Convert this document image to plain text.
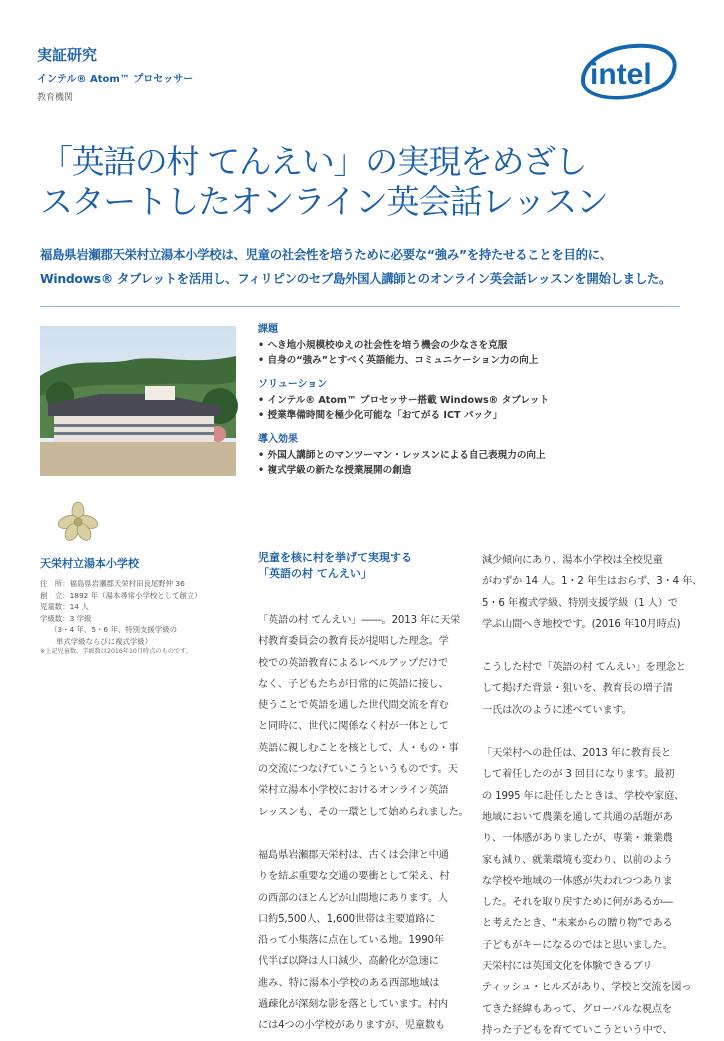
実証研究
インテル® Atom™ プロセッサー
教育機関
intel
「英語の村 てんえい」の実現をめざし
スタートしたオンライン英会話レッスン
福島県岩瀬郡天栄村立湯本小学校は、児童の社会性を培うために必要な“強み”を持たせることを目的に、
Windows® タブレットを活用し、フィリピンのセブ島外国人講師とのオンライン英会話レッスンを開始しました。
課題
• へき地小規模校ゆえの社会性を培う機会の少なさを克服
• 自身の“強み”とすべく英語能力、コミュニケーション力の向上
ソリューション
• インテル® Atom™ プロセッサー搭載 Windows® タブレット
• 授業準備時間を極少化可能な「おてがる ICT パック」
導入効果
• 外国人講師とのマンツーマン・レッスンによる自己表現力の向上
• 複式学級の新たな授業展開の創造
天栄村立湯本小学校
住　所：福島県岩瀬郡天栄村田良尾野仲 36
創　立：1892 年（湯本尋常小学校として創立）
児童数：14 人
学級数：3 学級
（3・4 年、5・6 年、特別支援学級の
単式学級ならびに複式学級）
※上記児童数、学級数は2016年10月時点のものです。
児童を核に村を挙げて実現する
「英語の村 てんえい」
「英語の村 てんえい」――。2013 年に天栄
村教育委員会の教育長が提唱した理念。学
校での英語教育によるレベルアップだけで
なく、子どもたちが日常的に英語に接し、
使うことで英語を通した世代間交流を育む
と同時に、世代に関係なく村が一体として
英語に親しむことを核として、人・もの・事
の交流につなげていこうというものです。天
栄村立湯本小学校におけるオンライン英語
レッスンも、その一環として始められました。
福島県岩瀬郡天栄村は、古くは会津と中通
りを結ぶ重要な交通の要衝として栄え、村
の西部のほとんどが山間地にあります。人
口約5,500人、1,600世帯は主要道路に
沿って小集落に点在している地。1990年
代半ば以降は人口減少、高齢化が急速に
進み、特に湯本小学校のある西部地域は
過疎化が深刻な影を落としています。村内
には4つの小学校がありますが、児童数も
減少傾向にあり、湯本小学校は全校児童
がわずか 14 人。1・2 年生はおらず、3・4 年、
5・6 年複式学級、特別支援学級（1 人）で
学ぶ山間へき地校です。(2016 年10月時点)
こうした村で「英語の村 てんえい」を理念と
して掲げた背景・狙いを、教育長の増子清
一氏は次のように述べています。
「天栄村への赴任は、2013 年に教育長と
して着任したのが 3 回目になります。最初
の 1995 年に赴任したときは、学校や家庭、
地域において農業を通して共通の話題があ
り、一体感がありましたが、専業・兼業農
家も減り、就業環境も変わり、以前のよう
な学校や地域の一体感が失われつつありま
した。それを取り戻すために何があるか―
と考えたとき、“未来からの贈り物”である
子どもがキーになるのではと思いました。
天栄村には英国文化を体験できるブリ
ティッシュ・ヒルズがあり、学校と交流を図っ
てきた経緯もあって、グローバルな視点を
持った子どもを育てていこうという中で、
